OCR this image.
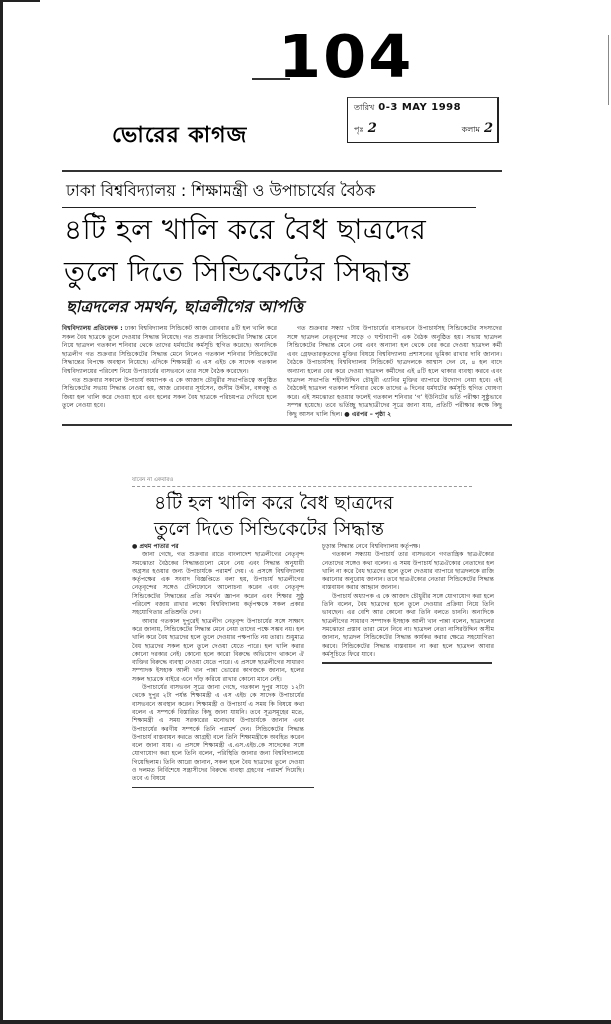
104
ভোরের কাগজ
তারিখ 0-3 MAY 1998
পৃঃ 2	কলাম 2
ঢাকা বিশ্ববিদ্যালয় : শিক্ষামন্ত্রী ও উপাচার্যের বৈঠক
৪টি হল খালি করে বৈধ ছাত্রদের
তুলে দিতে সিন্ডিকেটের সিদ্ধান্ত
ছাত্রদলের সমর্থন, ছাত্রলীগের আপত্তি

বিশ্ববিদ্যালয় প্রতিবেদক : ঢাকা বিশ্ববিদ্যালয় সিন্ডিকেট আজ রোববার ৪টি হল খালি করে সকল বৈধ ছাত্রকে তুলে দেওয়ার সিদ্ধান্ত নিয়েছে। গত শুক্রবার সিন্ডিকেটের সিদ্ধান্ত মেনে নিয়ে ছাত্রদল গতকাল শনিবার থেকে তাদের ধর্মঘটের কর্মসূচি স্থগিত করেছে। অন্যদিকে ছাত্রলীগ গত শুক্রবার সিন্ডিকেটের সিদ্ধান্ত মেনে নিলেও গতকাল শনিবার সিন্ডিকেটের সিদ্ধান্তের বিপক্ষে অবস্থান নিয়েছে। এদিকে শিক্ষামন্ত্রী এ এস এইচ কে সাদেক গতকাল বিশ্ববিদ্যালয়ের পরিবেশ নিয়ে উপাচার্যের বাসভবনে তার সঙ্গে বৈঠক করেছেন।

গত শুক্রবার সকালে উপাচার্য অধ্যাপক এ কে আজাদ চৌধুরীর সভাপতিত্বে অনুষ্ঠিত সিন্ডিকেটের সভায় সিদ্ধান্ত নেওয়া হয়, আজ রোববার সূর্যসেন, জসীম উদ্দীন, বঙ্গবন্ধু ও জিয়া হল খালি করে দেওয়া হবে এবং হলের সকল বৈধ ছাত্রকে পরিচয়পত্র দেখিয়ে হলে তুলে নেওয়া হবে।

গত শুক্রবার সন্ধ্যা ৭টায় উপাচার্যের বাসভবনে উপাচার্যসহ সিন্ডিকেটের সদস্যদের সঙ্গে ছাত্রদল নেতৃবৃন্দের সাড়ে ৩ ঘণ্টাব্যাপী এক বৈঠক অনুষ্ঠিত হয়। সভায় ছাত্রদল সিন্ডিকেটের সিদ্ধান্ত মেনে নেয় এবং অন্যান্য হল থেকে বের করে দেওয়া ছাত্রদল কর্মী এবং গ্রেফতারকৃতদের মুক্তির বিষয়ে বিশ্ববিদ্যালয় প্রশাসনের ভূমিকা রাখার দাবি জানান। বৈঠকে উপাচার্যসহ বিশ্ববিদ্যালয় সিন্ডিকেট ছাত্রদলকে আশ্বাস দেন যে, ৪ হল বাদে অন্যান্য হলের বের করে দেওয়া ছাত্রদল কর্মীদের এই ৪টি হলে থাকার ব্যবস্থা করবে এবং ছাত্রদল সভাপতি শহীদউদ্দিন চৌধুরী এ্যানির মুক্তির ব্যাপারে উদ্যোগ নেয়া হবে। এই বৈঠকেই ছাত্রদল গতকাল শনিবার থেকে তাদের ৬ দিনের ধর্মঘটের কর্মসূচি স্থগিত ঘোষণা করে। এই সমঝোতা হওয়ার ফলেই গতকাল শনিবার ‘গ’ ইউনিটের ভর্তি পরীক্ষা সুষ্ঠুভাবে সম্পন্ন হয়েছে। তবে ভর্তিচ্ছু ছাত্রছাত্রীদের সূত্রে জানা যায়, প্রতিটি পরীক্ষার কক্ষে কিছু কিছু আসন খালি ছিল। ● এরপর – পৃষ্ঠা ২

যাবেন না একবারও
৪টি হল খালি করে বৈধ ছাত্রদের
তুলে দিতে সিন্ডিকেটের সিদ্ধান্ত

● প্রথম পাতার পর

জানা গেছে, গত শুক্রবার রাতে বাংলাদেশ ছাত্রলীগের নেতৃবৃন্দ সমঝোতা বৈঠকের সিদ্ধান্তগুলো মেনে নেয় এবং সিদ্ধান্ত অনুযায়ী অগ্রসর হওয়ার জন্য উপাচার্যকে পরামর্শ দেয়। এ প্রসঙ্গে বিশ্ববিদ্যালয় কর্তৃপক্ষের এক সংবাদ বিজ্ঞপ্তিতে বলা হয়, উপাচার্য ছাত্রলীগের নেতৃবৃন্দের সঙ্গেও টেলিফোনে আলোচনা করেন এবং নেতৃবৃন্দ সিন্ডিকেটের সিদ্ধান্তের প্রতি সমর্থন জ্ঞাপন করেন এবং শিক্ষার সুষ্ঠু পরিবেশ বজায় রাখার লক্ষ্যে বিশ্ববিদ্যালয় কর্তৃপক্ষকে সকল প্রকার সহযোগিতার প্রতিশ্রুতি দেন।

আবার গতকাল দুপুরেই ছাত্রলীগ নেতৃবৃন্দ উপাচার্যের সঙ্গে সাক্ষাৎ করে জানায়, সিন্ডিকেটের সিদ্ধান্ত মেনে নেয়া তাদের পক্ষে সম্ভব নয়। হল খালি করে বৈধ ছাত্রদের হলে তুলে দেওয়ার পক্ষপাতি নয় তারা। শুধুমাত্র বৈধ ছাত্রদের সকল হলে তুলে দেওয়া যেতে পারে। হল খালি করার কোনো দরকার নেই। কোনো হলে কারো বিরুদ্ধে অভিযোগ থাকলে ঐ ব্যক্তির বিরুদ্ধে ব্যবস্থা নেওয়া যেতে পারে। এ প্রসঙ্গে ছাত্রলীগের সাধারণ সম্পাদক ইসহাক আলী খান পান্না ভোরের কাগজকে জানান, হলের সকল ছাত্রকে বাইরে এনে দাঁড় করিয়ে রাখার কোনো মানে নেই।

উপাচার্যের বাসভবন সূত্রে জানা গেছে, গতকাল দুপুর সাড়ে ১২টা থেকে দুপুর ২টা পর্যন্ত শিক্ষামন্ত্রী এ এস এইচ কে সাদেক উপাচার্যের বাসভবনে অবস্থান করেন। শিক্ষামন্ত্রী ও উপাচার্য এ সময় কি বিষয়ে কথা বলেন এ সম্পর্কে বিস্তারিত কিছু জানা যায়নি। তবে সূত্রসমূহের মতে, শিক্ষামন্ত্রী এ সময় সরকারের মনোভাব উপাচার্যকে জানান এবং উপাচার্যের করণীয় সম্পর্কে তিনি পরামর্শ দেন। সিন্ডিকেটের সিদ্ধান্ত উপাচার্য বাস্তবায়ন করতে আগ্রহী বলে তিনি শিক্ষামন্ত্রীকে অবহিত করেন বলে জানা যায়। এ প্রসঙ্গে শিক্ষামন্ত্রী এ.এস.এইচ.কে সাদেকের সঙ্গে যোগাযোগ করা হলে তিনি বলেন, পরিস্থিতি জানার জন্য বিশ্ববিদ্যালয়ে গিয়েছিলাম। তিনি আরো জানান, সকল হলে বৈধ ছাত্রদের তুলে দেওয়া ও দলমত নির্বিশেষে সন্ত্রাসীদের বিরুদ্ধে ব্যবস্থা গ্রহণের পরামর্শ দিয়েছি। তবে এ বিষয়ে

চূড়ান্ত সিদ্ধান্ত নেবে বিশ্ববিদ্যালয় কর্তৃপক্ষ।

গতকাল সন্ধ্যায় উপাচার্য তার বাসভবনে গণতান্ত্রিক ছাত্রঐক্যের নেতাদের সঙ্গেও কথা বলেন। এ সময় উপাচার্য ছাত্রঐক্যের নেতাদের হল খালি না করে বৈধ ছাত্রদের হলে তুলে দেওয়ার ব্যাপারে ছাত্রদলকে রাজি করানোর অনুরোধ জানান। তবে ছাত্রঐক্যের নেতারা সিন্ডিকেটের সিদ্ধান্ত বাস্তবায়ন করার আহ্বান জানান।

উপাচার্য অধ্যাপক এ কে আজাদ চৌধুরীর সঙ্গে যোগাযোগ করা হলে তিনি বলেন, বৈধ ছাত্রদের হলে তুলে দেওয়ার প্রক্রিয়া নিয়ে তিনি ভাবছেন। এর বেশি আর কোনো কথা তিনি বলতে চাননি। অন্যদিকে ছাত্রলীগের সাধারণ সম্পাদক ইসহাক আলী খান পান্না বলেন, ছাত্রদলের সমঝোতা প্রস্তাব তারা মেনে নিবে না। ছাত্রদল নেতা নাসিরউদ্দিন অসীম জানান, ছাত্রদল সিন্ডিকেটের সিদ্ধান্ত কার্যকর করার ক্ষেত্রে সহযোগিতা করবে। সিন্ডিকেটের সিদ্ধান্ত বাস্তবায়ন না করা হলে ছাত্রদল আবার কর্মসূচিতে ফিরে যাবে।
